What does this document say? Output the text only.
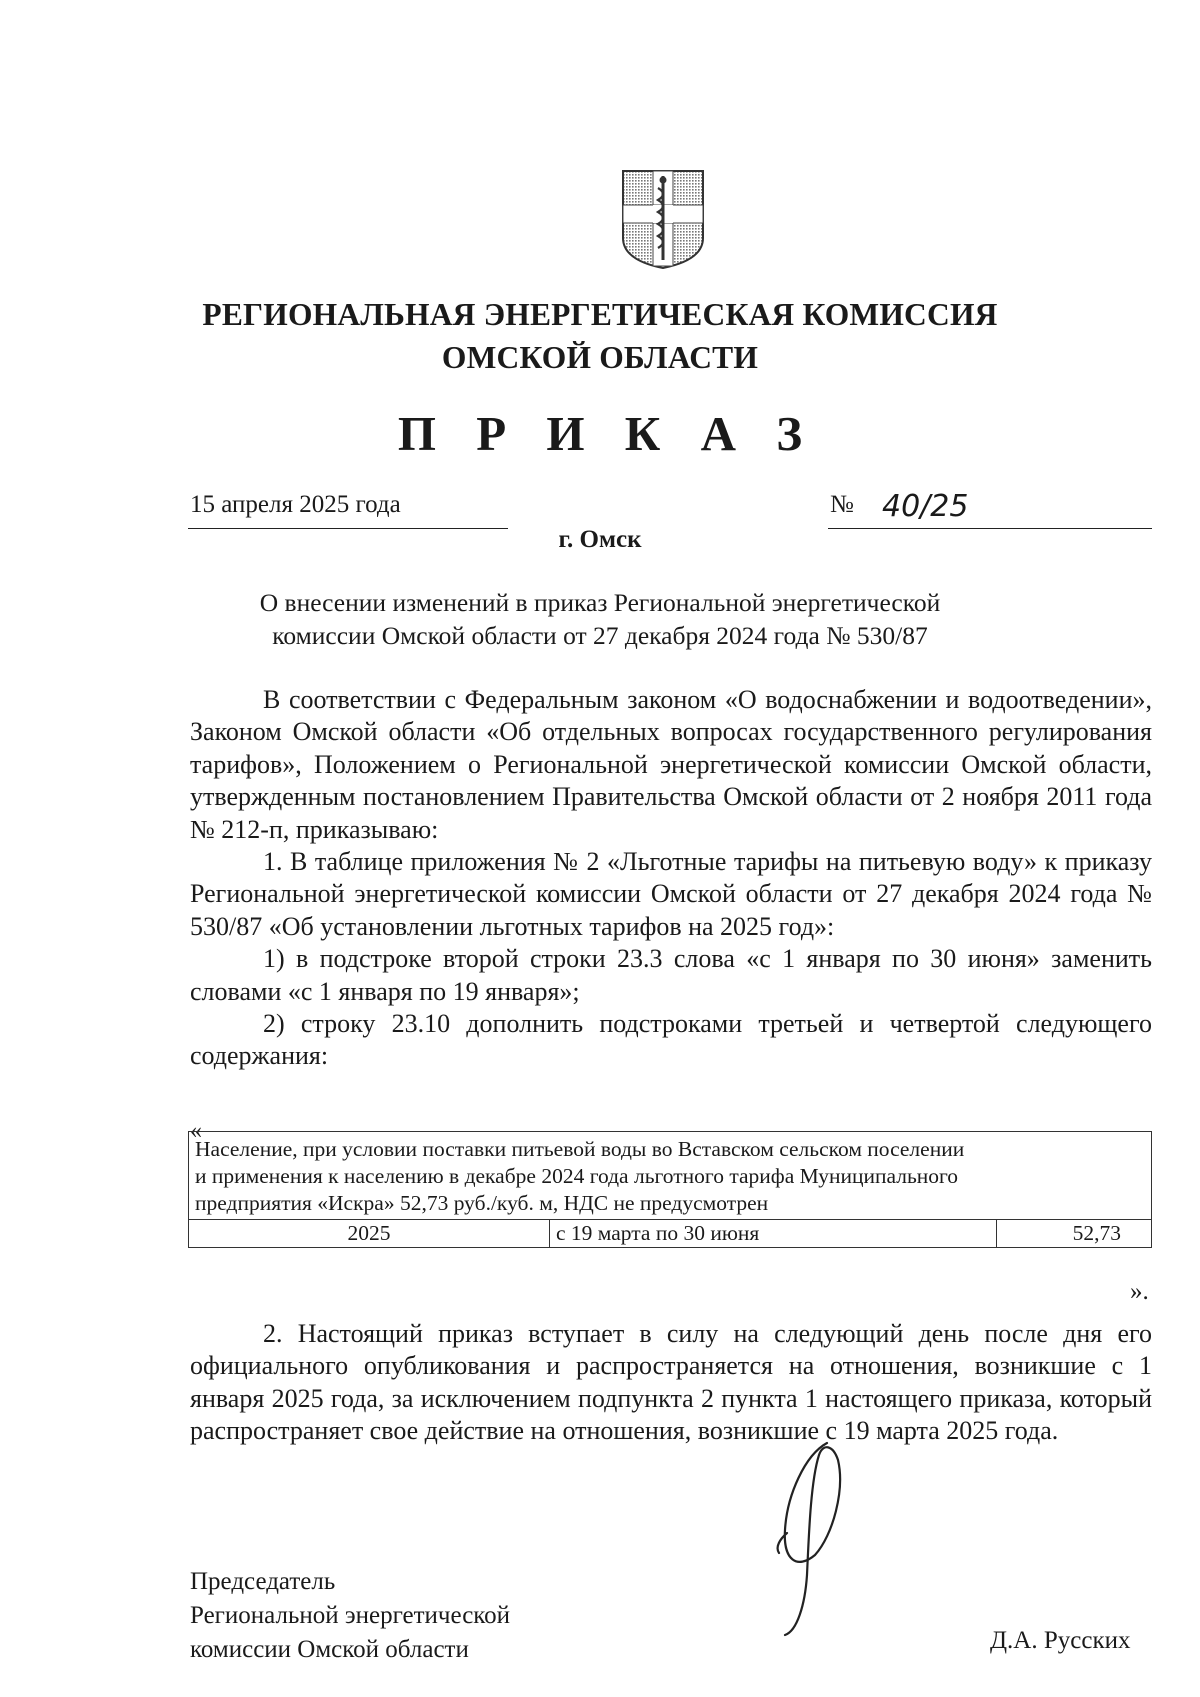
РЕГИОНАЛЬНАЯ ЭНЕРГЕТИЧЕСКАЯ КОМИССИЯ
ОМСКОЙ ОБЛАСТИ
П Р И К А З
15 апреля 2025 года	№ 40/25
г. Омск
О внесении изменений в приказ Региональной энергетической
комиссии Омской области от 27 декабря 2024 года № 530/87

В соответствии с Федеральным законом «О водоснабжении и водоотведении», Законом Омской области «Об отдельных вопросах государственного регулирования тарифов», Положением о Региональной энергетической комиссии Омской области, утвержденным постановлением Правительства Омской области от 2 ноября 2011 года № 212-п, приказываю:

1. В таблице приложения № 2 «Льготные тарифы на питьевую воду» к приказу Региональной энергетической комиссии Омской области от 27 декабря 2024 года № 530/87 «Об установлении льготных тарифов на 2025 год»:

1) в подстроке второй строки 23.3 слова «с 1 января по 30 июня» заменить словами «с 1 января по 19 января»;

2) строку 23.10 дополнить подстроками третьей и четвертой следующего содержания:

«
Население, при условии поставки питьевой воды во Вставском сельском поселении
и применения к населению в декабре 2024 года льготного тарифа Муниципального
предприятия «Искра» 52,73 руб./куб. м, НДС не предусмотрен

2025	с 19 марта по 30 июня	52,73
».

2. Настоящий приказ вступает в силу на следующий день после дня его официального опубликования и распространяется на отношения, возникшие с 1 января 2025 года, за исключением подпункта 2 пункта 1 настоящего приказа, который распространяет свое действие на отношения, возникшие с 19 марта 2025 года.

Председатель
Региональной энергетической
комиссии Омской области	Д.А. Русских
